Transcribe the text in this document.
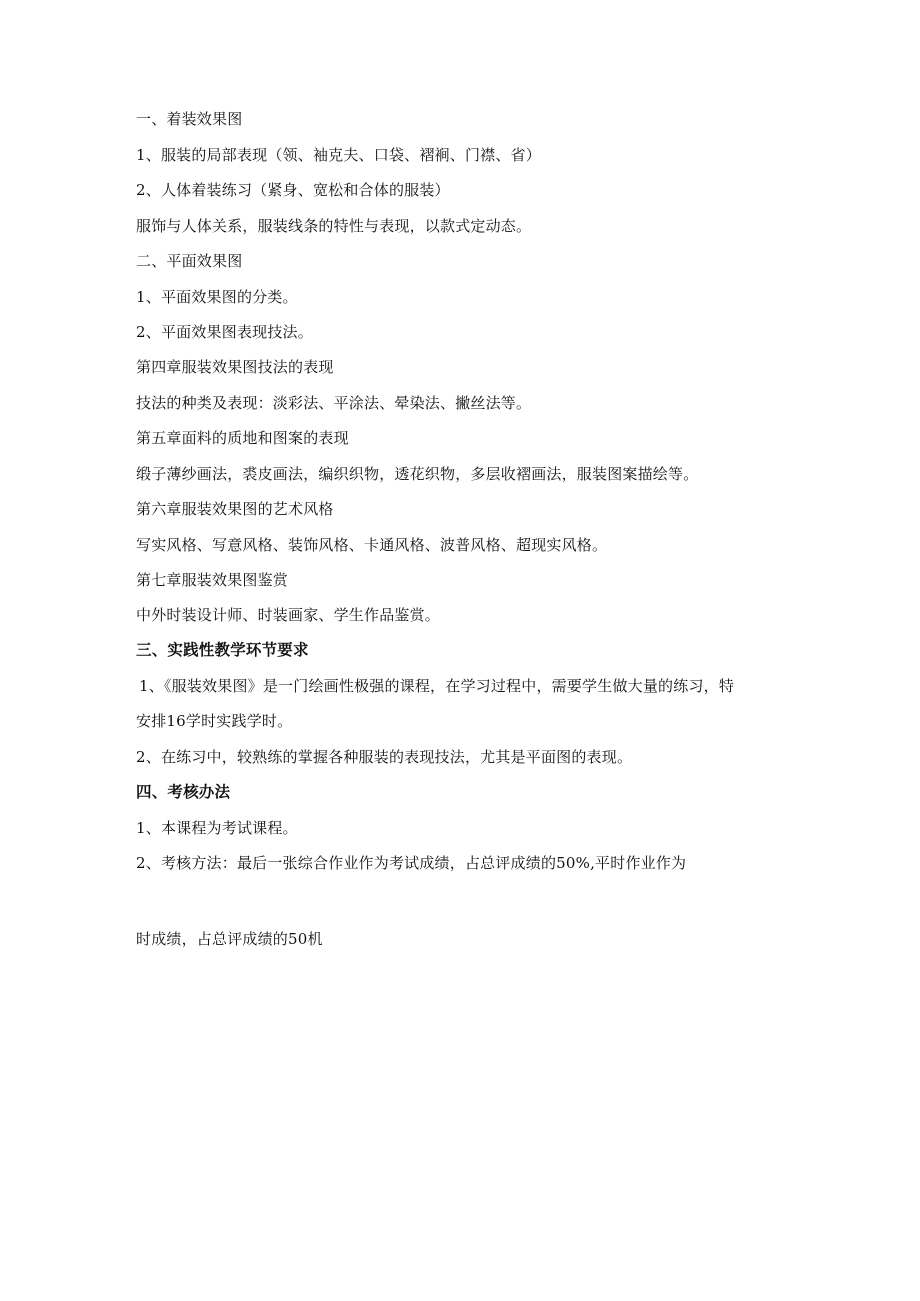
一、着装效果图
1、服装的局部表现（领、袖克夫、口袋、褶裥、门襟、省）
2、人体着装练习（紧身、宽松和合体的服装）
服饰与人体关系，服装线条的特性与表现，以款式定动态。
二、平面效果图
1、平面效果图的分类。
2、平面效果图表现技法。
第四章服装效果图技法的表现
技法的种类及表现：淡彩法、平涂法、晕染法、撇丝法等。
第五章面料的质地和图案的表现
缎子薄纱画法，裘皮画法，编织织物，透花织物，多层收褶画法，服装图案描绘等。
第六章服装效果图的艺术风格
写实风格、写意风格、装饰风格、卡通风格、波普风格、超现实风格。
第七章服装效果图鉴赏
中外时装设计师、时装画家、学生作品鉴赏。
三、实践性教学环节要求
1、《服装效果图》是一门绘画性极强的课程，在学习过程中，需要学生做大量的练习，特
安排16学时实践学时。
2、在练习中，较熟练的掌握各种服装的表现技法，尤其是平面图的表现。
四、考核办法
1、本课程为考试课程。
2、考核方法：最后一张综合作业作为考试成绩，占总评成绩的50%,平时作业作为
时成绩，占总评成绩的50机
